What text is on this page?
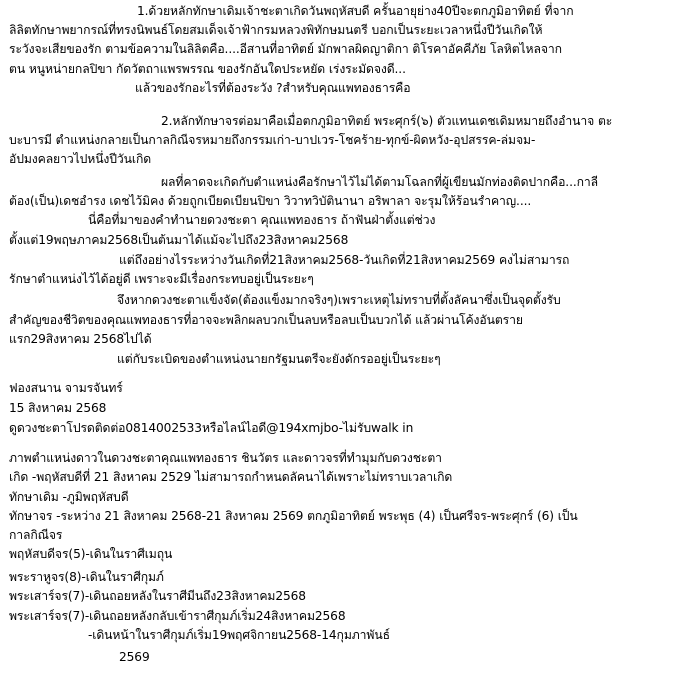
1.ด้วยหลักทักษาเดิมเจ้าชะตาเกิดวันพฤหัสบดี ครั้นอายุย่าง40ปีจะตกภูมิอาทิตย์ ที่จาก
ลิลิตทักษาพยากรณ์ที่ทรงนิพนธ์โดยสมเด็จเจ้าฟ้ากรมหลวงพิทักษมนตรี บอกเป็นระยะเวลาหนึ่งปีวันเกิดให้
ระวังจะเสียของรัก ตามข้อความในลิลิตคือ....อีสานที่อาทิตย์ มักพาลผิดญาติกา ติโรคาอัคคีภัย โลหิตไหลจาก
ตน หนูหน่ายกลปิขา กัดวัตถาแพรพรรณ ของรักอันใดประหยัด เร่งระมัดจงดี...
แล้วของรักอะไรที่ต้องระวัง ?สำหรับคุณแพทองธารคือ
2.หลักทักษาจรต่อมาคือเมื่อตกภูมิอาทิตย์ พระศุกร์(๖) ตัวแทนเดชเดิมหมายถึงอำนาจ ตะ
บะบารมี ตำแหน่งกลายเป็นกาลกิณีจรหมายถึงกรรมเก่า-บาปเวร-โชคร้าย-ทุกข์-ผิดหวัง-อุปสรรค-ล่มจม-
อัปมงคลยาวไปหนึ่งปีวันเกิด
ผลที่คาดจะเกิดกับตำแหน่งคือรักษาไว้ไม่ได้ตามโฉลกที่ผู้เขียนมักท่องติดปากคือ...กาลี
ต้อง(เป็น)เดชอำรง เดชไว้มิคง ด้วยถูกเบียดเบียนปิขา วิวาทวิบัตินานา อริพาลา จะรุมให้ร้อนรำคาญ....
นี่คือที่มาของคำทำนายดวงชะตา คุณแพทองธาร ถ้าฟันฝ่าตั้งแต่ช่วง
ตั้งแต่19พฤษภาคม2568เป็นต้นมาได้แม้จะไปถึง23สิงหาคม2568
แต่ถึงอย่างไรระหว่างวันเกิดที่21สิงหาคม2568-วันเกิดที่21สิงหาคม2569 คงไม่สามารถ
รักษาตำแหน่งไว้ได้อยู่ดี เพราะจะมีเรื่องกระทบอยู่เป็นระยะๆ
จึงหากดวงชะตาแข็งจัด(ต้องแข็งมากจริงๆ)เพราะเหตุไม่ทราบที่ตั้งลัคนาซึ่งเป็นจุดตั้งรับ
สำคัญของชีวิตของคุณแพทองธารที่อาจจะพลิกผลบวกเป็นลบหรือลบเป็นบวกได้ แล้วผ่านโค้งอันตราย
แรก29สิงหาคม 2568ไปได้
แต่กับระเบิดของตำแหน่งนายกรัฐมนตรีจะยังดักรออยู่เป็นระยะๆ
ฟองสนาน จามรจันทร์
15 สิงหาคม 2568
ดูดวงชะตาโปรดติดต่อ0814002533หรือไลน์ไอดี@194xmjbo-ไม่รับwalk in
ภาพตำแหน่งดาวในดวงชะตาคุณแพทองธาร ชินวัตร และดาวจรที่ทำมุมกับดวงชะตา
เกิด -พฤหัสบดีที่ 21 สิงหาคม 2529 ไม่สามารถกำหนดลัคนาได้เพราะไม่ทราบเวลาเกิด
ทักษาเดิม -ภูมิพฤหัสบดี
ทักษาจร -ระหว่าง 21 สิงหาคม 2568-21 สิงหาคม 2569 ตกภูมิอาทิตย์ พระพุธ (4) เป็นศรีจร-พระศุกร์ (6) เป็น
กาลกิณีจร
พฤหัสบดีจร(5)-เดินในราศีเมถุน
พระราหูจร(8)-เดินในราศีกุมภ์
พระเสาร์จร(7)-เดินถอยหลังในราศีมีนถึง23สิงหาคม2568
พระเสาร์จร(7)-เดินถอยหลังกลับเข้าราศีกุมภ์เริ่ม24สิงหาคม2568
-เดินหน้าในราศีกุมภ์เริ่ม19พฤศจิกายน2568-14กุมภาพันธ์
2569
